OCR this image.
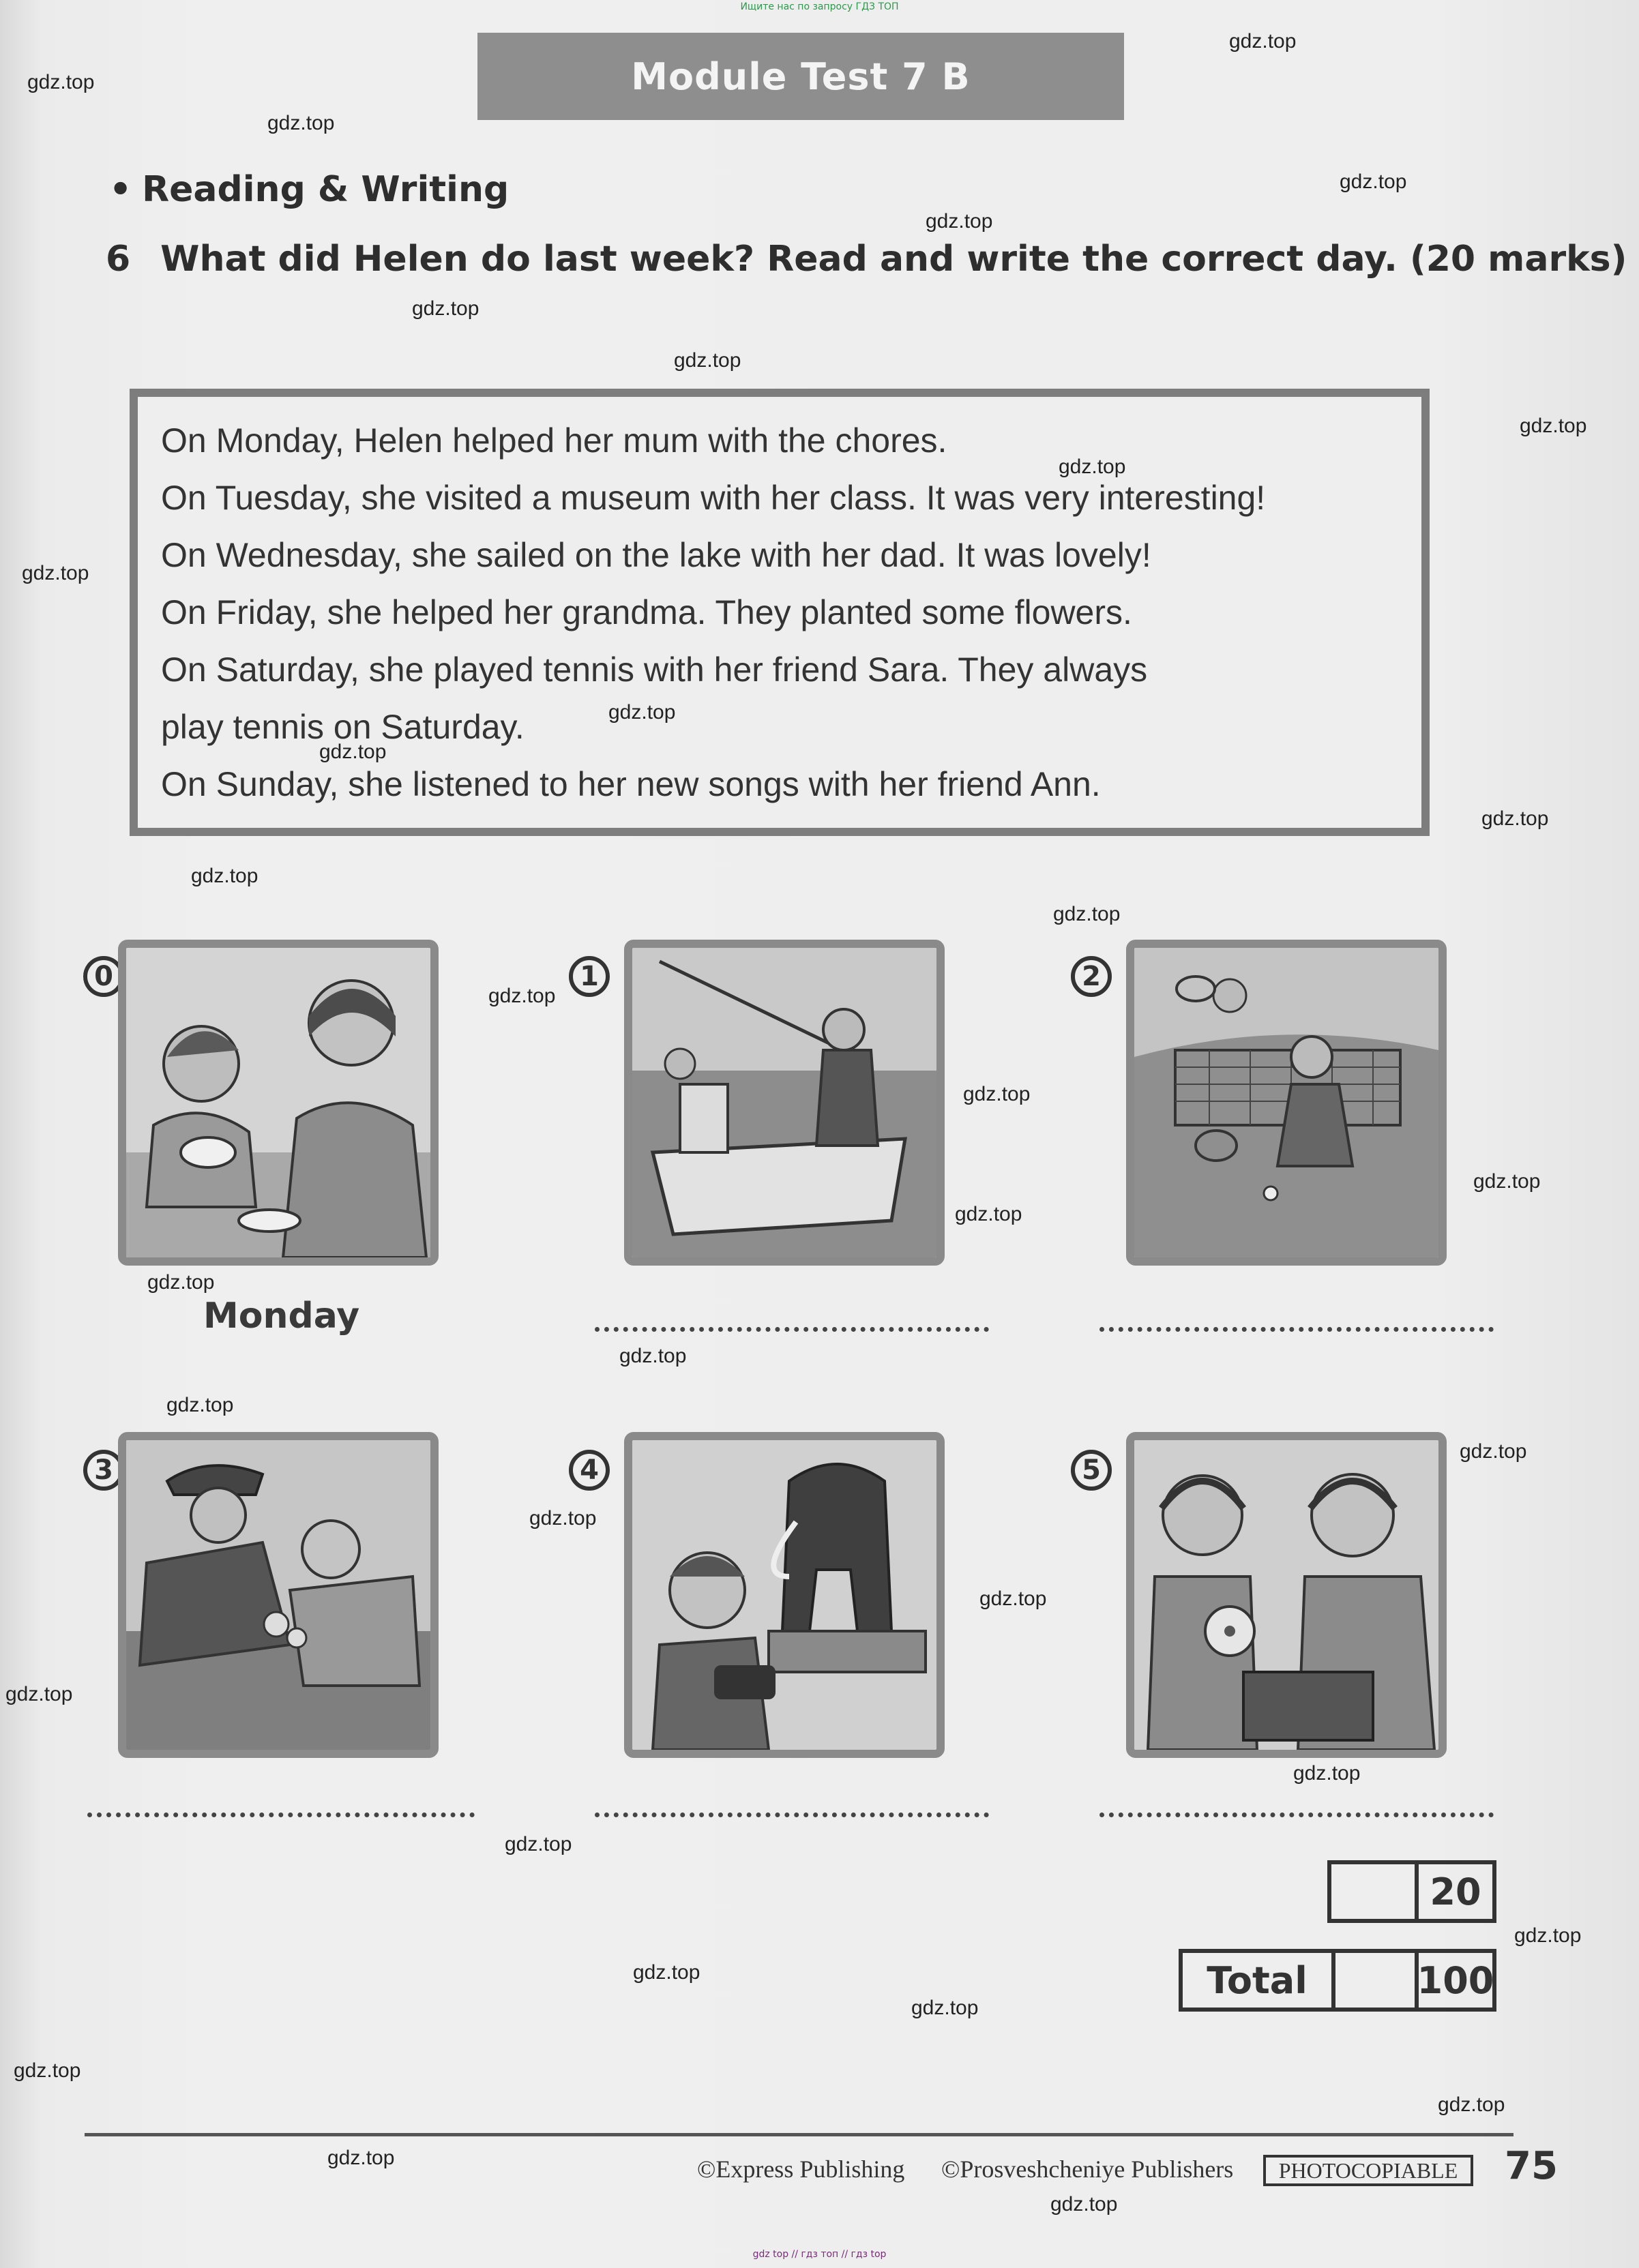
Ищите нас по запросу ГДЗ ТОП
Module Test 7 B
• Reading & Writing
6 What did Helen do last week? Read and write the correct day. (20 marks)

On Monday, Helen helped her mum with the chores.

On Tuesday, she visited a museum with her class. It was very interesting!

On Wednesday, she sailed on the lake with her dad. It was lovely!

On Friday, she helped her grandma. They planted some flowers.

On Saturday, she played tennis with her friend Sara. They always

play tennis on Saturday.

On Sunday, she listened to her new songs with her friend Ann.

0
Monday
1	2
3	4	5
20
Total	100
©Express Publishing ©Prosveshcheniye Publishers	PHOTOCOPIABLE	75
gdz top // гдз топ // гдз top
gdz.top
gdz.top
gdz.top
gdz.top
gdz.top
gdz.top
gdz.top
gdz.top
gdz.top
gdz.top
gdz.top
gdz.top
gdz.top
gdz.top
gdz.top
gdz.top
gdz.top
gdz.top
gdz.top
gdz.top
gdz.top
gdz.top
gdz.top
gdz.top
gdz.top
gdz.top
gdz.top
gdz.top
gdz.top
gdz.top
gdz.top
gdz.top
gdz.top
gdz.top
gdz.top
